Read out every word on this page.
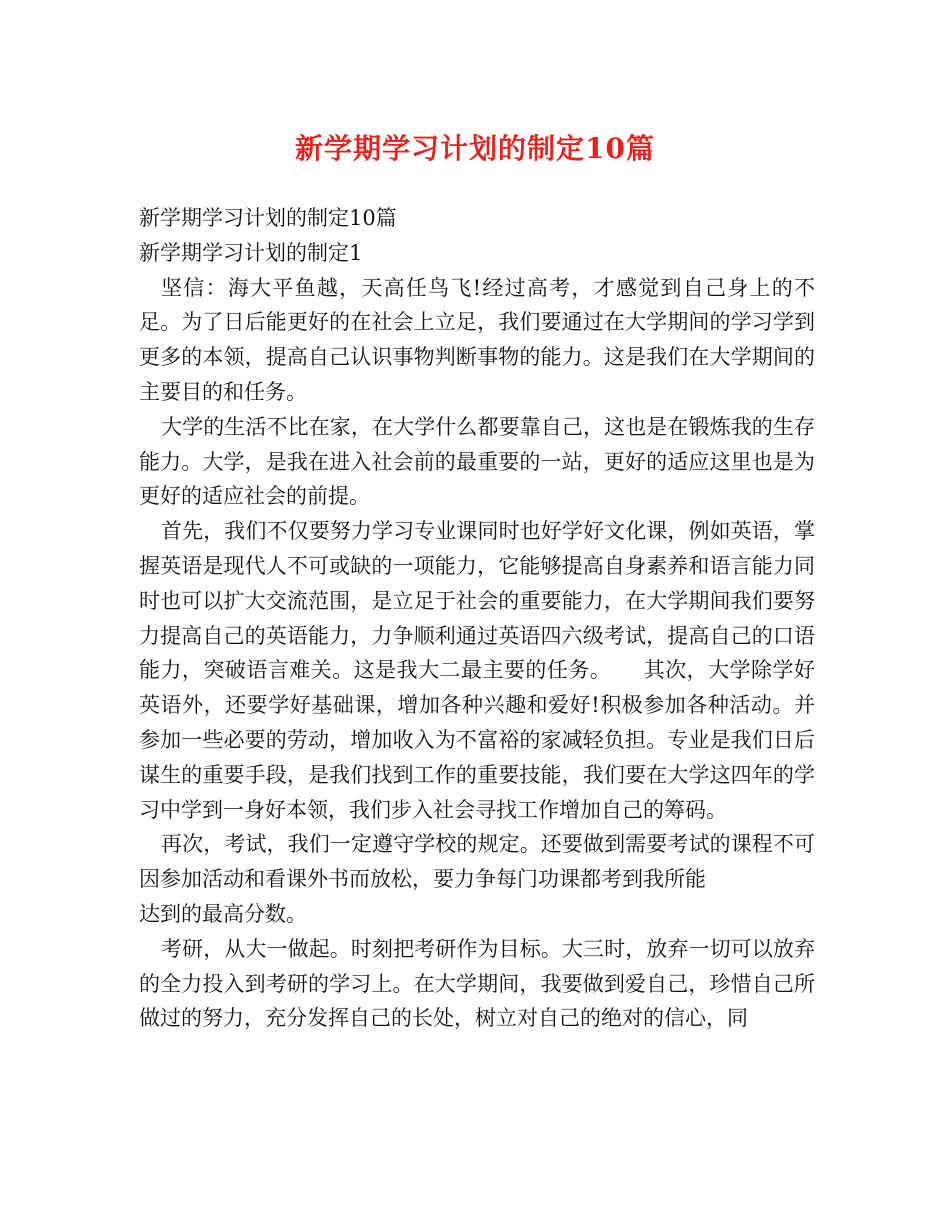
新学期学习计划的制定10篇

新学期学习计划的制定10篇

新学期学习计划的制定1

坚信：海大平鱼越，天高任鸟飞!经过高考，才感觉到自己身上的不足。为了日后能更好的在社会上立足，我们要通过在大学期间的学习学到更多的本领，提高自己认识事物判断事物的能力。这是我们在大学期间的主要目的和任务。

大学的生活不比在家，在大学什么都要靠自己，这也是在锻炼我的生存能力。大学，是我在进入社会前的最重要的一站，更好的适应这里也是为更好的适应社会的前提。

首先，我们不仅要努力学习专业课同时也好学好文化课，例如英语，掌握英语是现代人不可或缺的一项能力，它能够提高自身素养和语言能力同时也可以扩大交流范围，是立足于社会的重要能力，在大学期间我们要努力提高自己的英语能力，力争顺利通过英语四六级考试，提高自己的口语能力，突破语言难关。这是我大二最主要的任务。　　其次，大学除学好英语外，还要学好基础课，增加各种兴趣和爱好!积极参加各种活动。并参加一些必要的劳动，增加收入为不富裕的家减轻负担。专业是我们日后谋生的重要手段，是我们找到工作的重要技能，我们要在大学这四年的学习中学到一身好本领，我们步入社会寻找工作增加自己的筹码。

再次，考试，我们一定遵守学校的规定。还要做到需要考试的课程不可因参加活动和看课外书而放松，要力争每门功课都考到我所能

达到的最高分数。

考研，从大一做起。时刻把考研作为目标。大三时，放弃一切可以放弃的全力投入到考研的学习上。在大学期间，我要做到爱自己，珍惜自己所做过的努力，充分发挥自己的长处，树立对自己的绝对的信心，同
